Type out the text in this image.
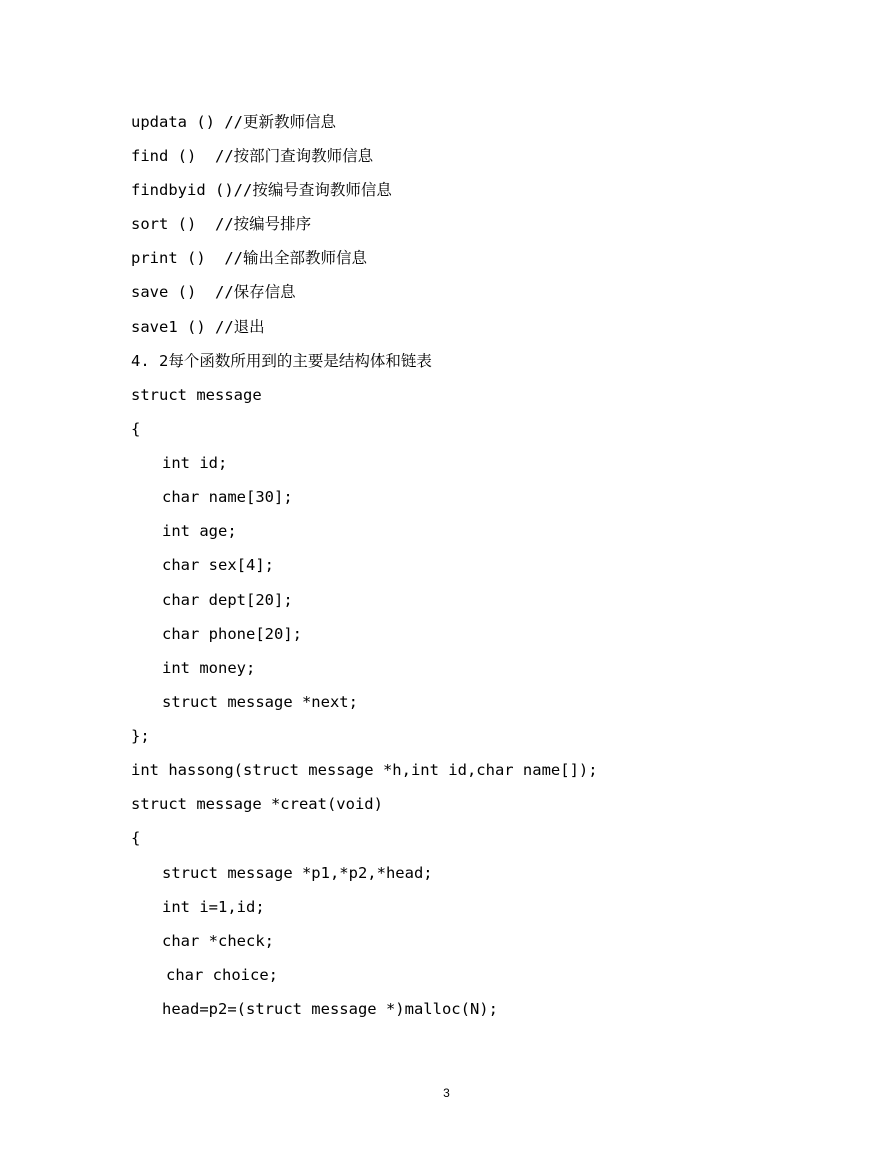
updata () //更新教师信息
find ()  //按部门查询教师信息
findbyid ()//按编号查询教师信息
sort ()  //按编号排序
print ()  //输出全部教师信息
save ()  //保存信息
save1 () //退出
4. 2每个函数所用到的主要是结构体和链表
struct message
{
int id;
char name[30];
int age;
char sex[4];
char dept[20];
char phone[20];
int money;
struct message *next;
};
int hassong(struct message *h,int id,char name[]);
struct message *creat(void)
{
struct message *p1,*p2,*head;
int i=1,id;
char *check;
char choice;
head=p2=(struct message *)malloc(N);
3
